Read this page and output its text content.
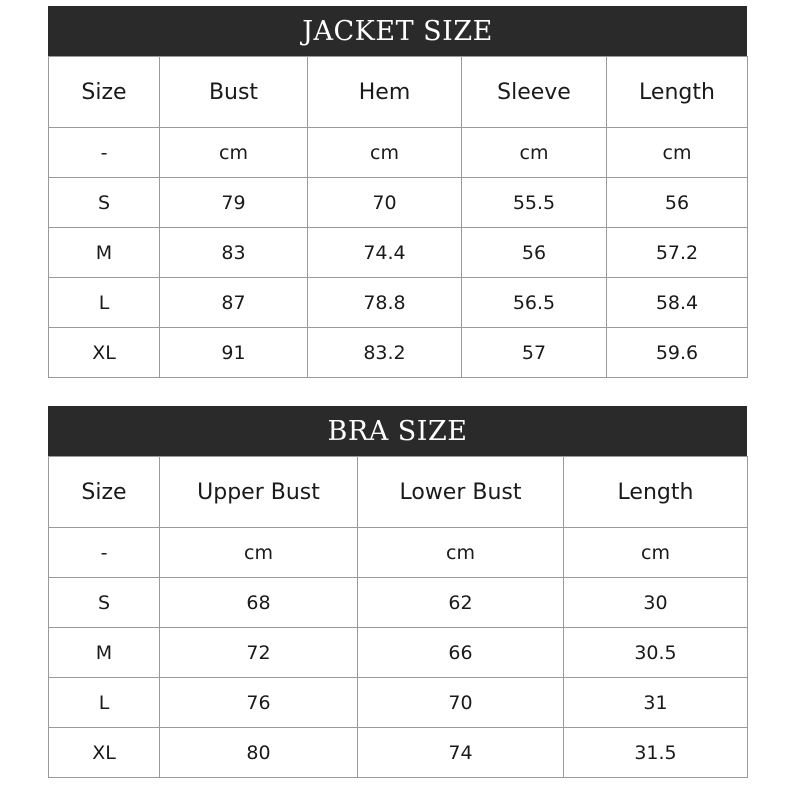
JACKET SIZE
Size	Bust	Hem	Sleeve	Length
-	cm	cm	cm	cm
S	79	70	55.5	56
M	83	74.4	56	57.2
L	87	78.8	56.5	58.4
XL	91	83.2	57	59.6
BRA SIZE
Size	Upper Bust	Lower Bust	Length
-	cm	cm	cm
S	68	62	30
M	72	66	30.5
L	76	70	31
XL	80	74	31.5
